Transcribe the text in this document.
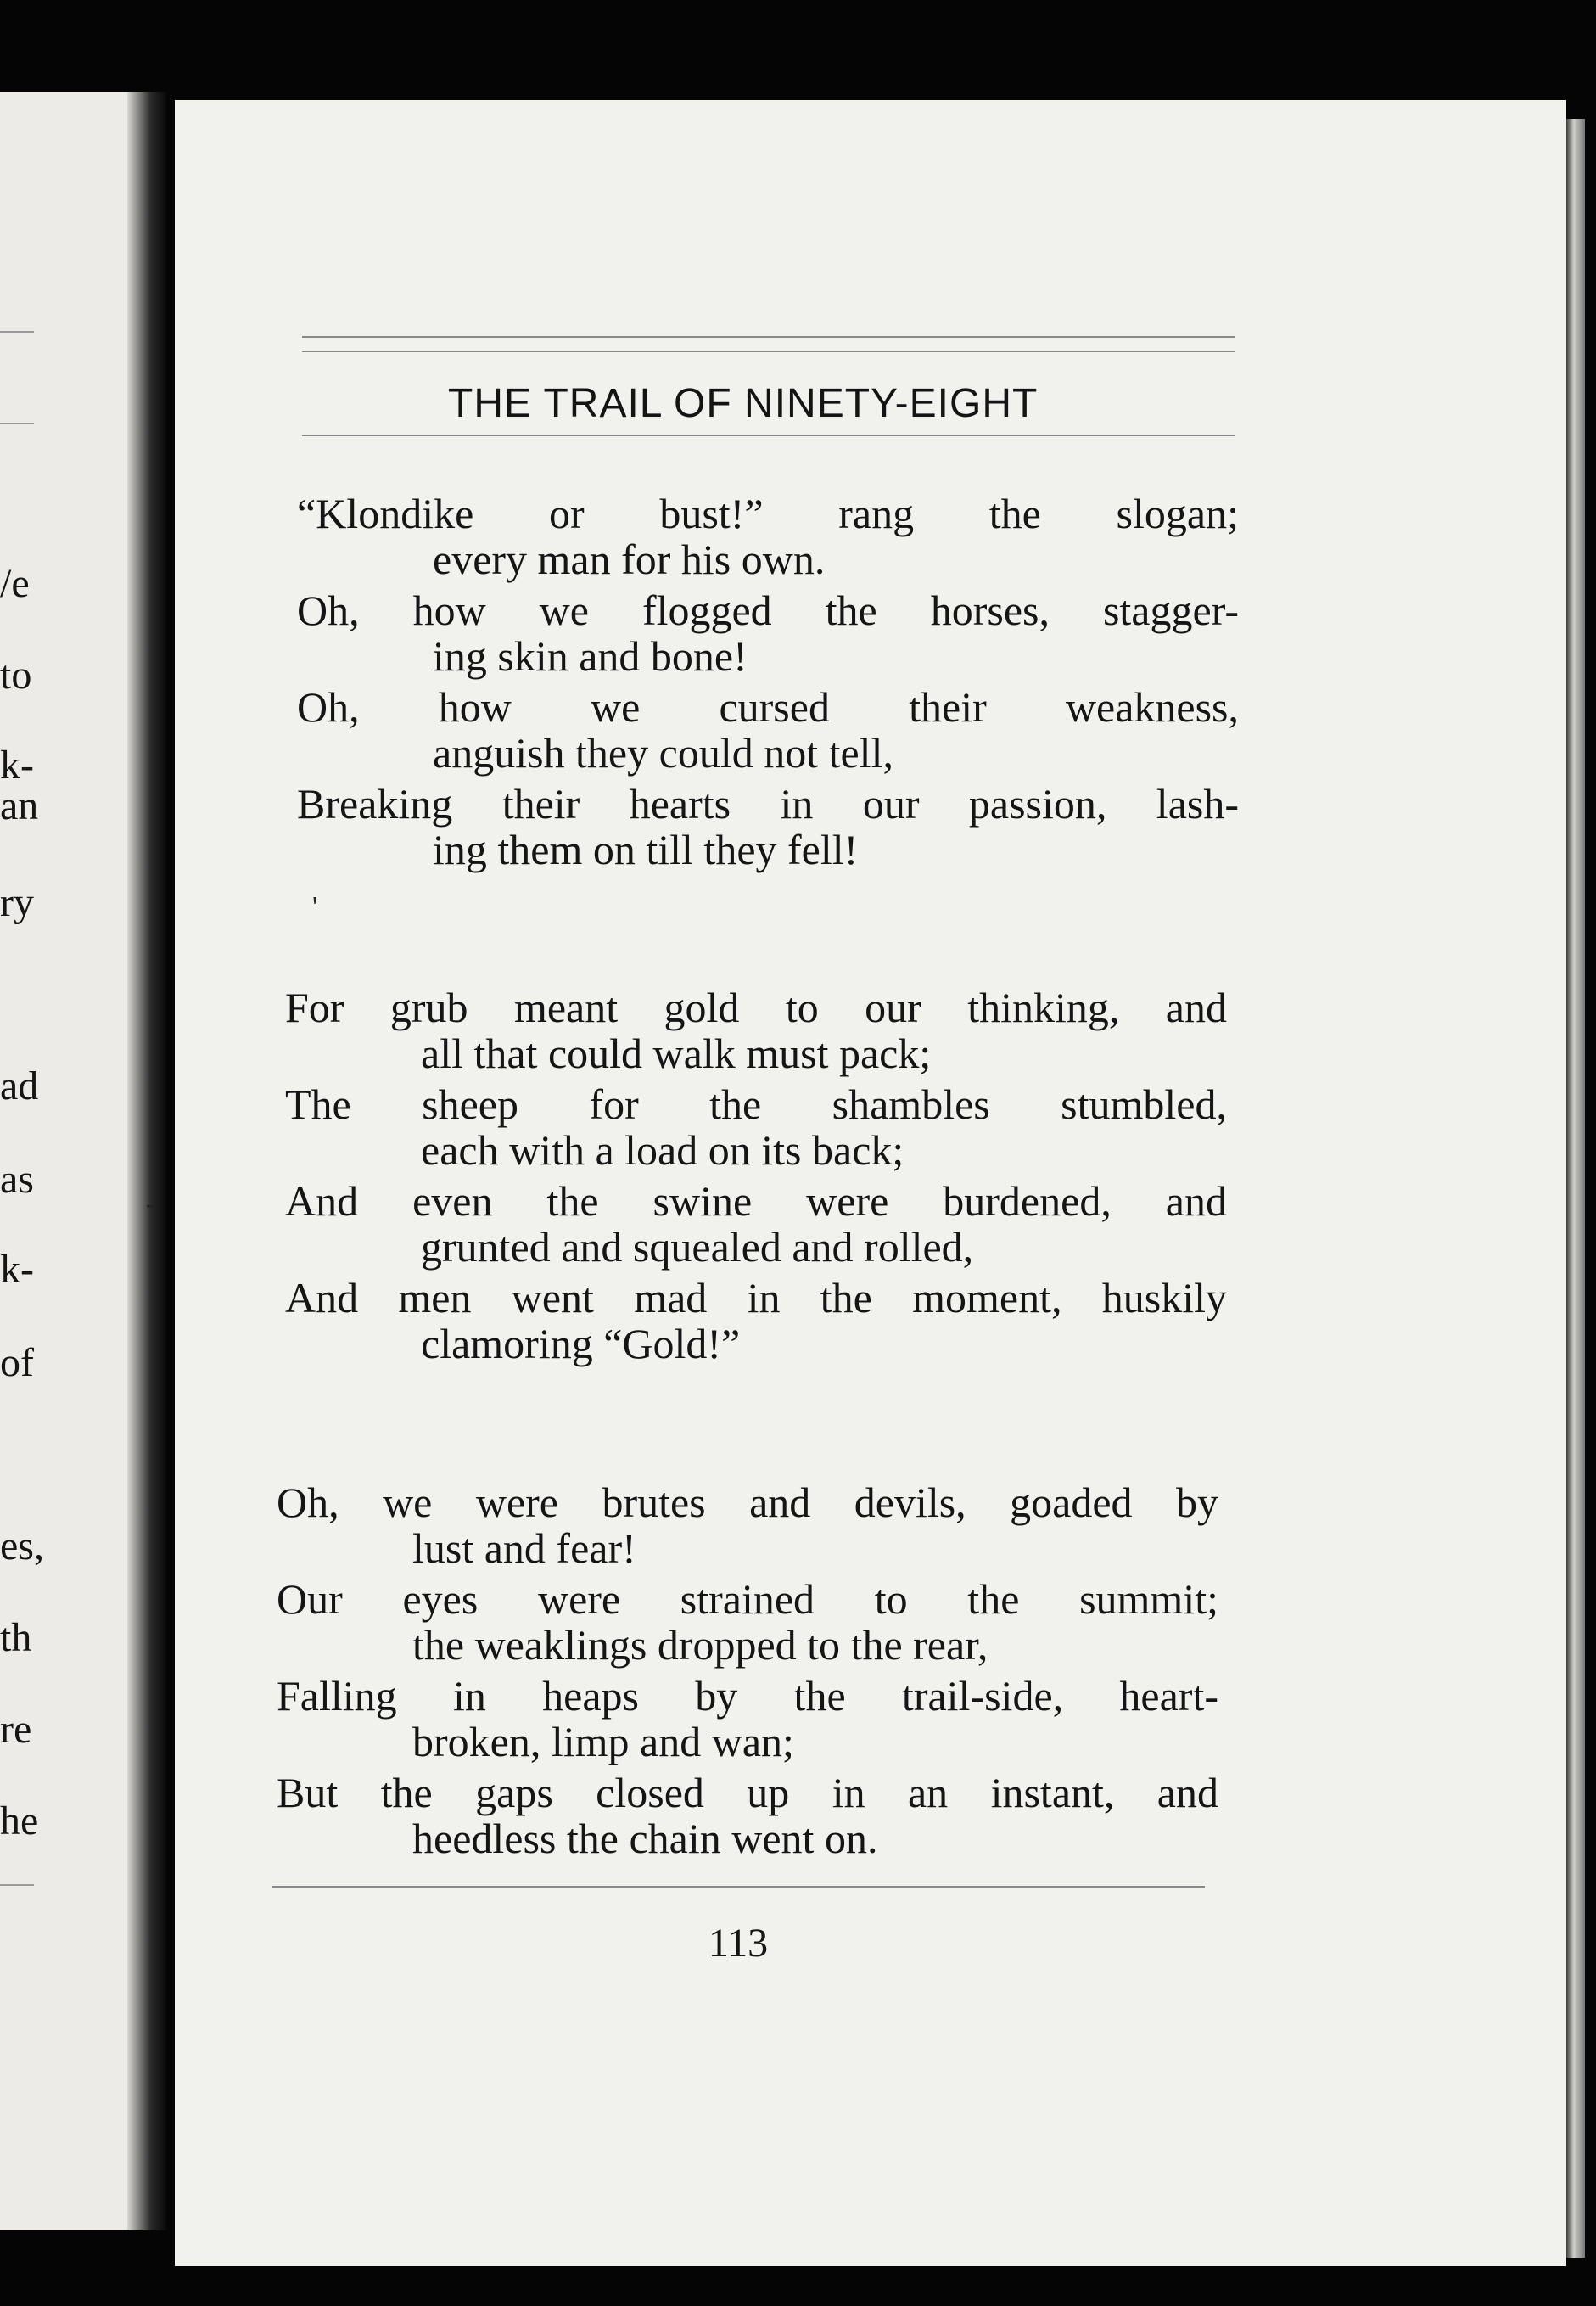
/e
to
k-
an
ry
ad
as
k-
of
es,
th
re
he
THE TRAIL OF NINETY-EIGHT
'
-
113
“Klondike or bust!” rang the slogan;
every man for his own.
Oh, how we flogged the horses, stagger-
ing skin and bone!
Oh, how we cursed their weakness,
anguish they could not tell,
Breaking their hearts in our passion, lash-
ing them on till they fell!
For grub meant gold to our thinking, and
all that could walk must pack;
The sheep for the shambles stumbled,
each with a load on its back;
And even the swine were burdened, and
grunted and squealed and rolled,
And men went mad in the moment, huskily
clamoring “Gold!”
Oh, we were brutes and devils, goaded by
lust and fear!
Our eyes were strained to the summit;
the weaklings dropped to the rear,
Falling in heaps by the trail-side, heart-
broken, limp and wan;
But the gaps closed up in an instant, and
heedless the chain went on.
